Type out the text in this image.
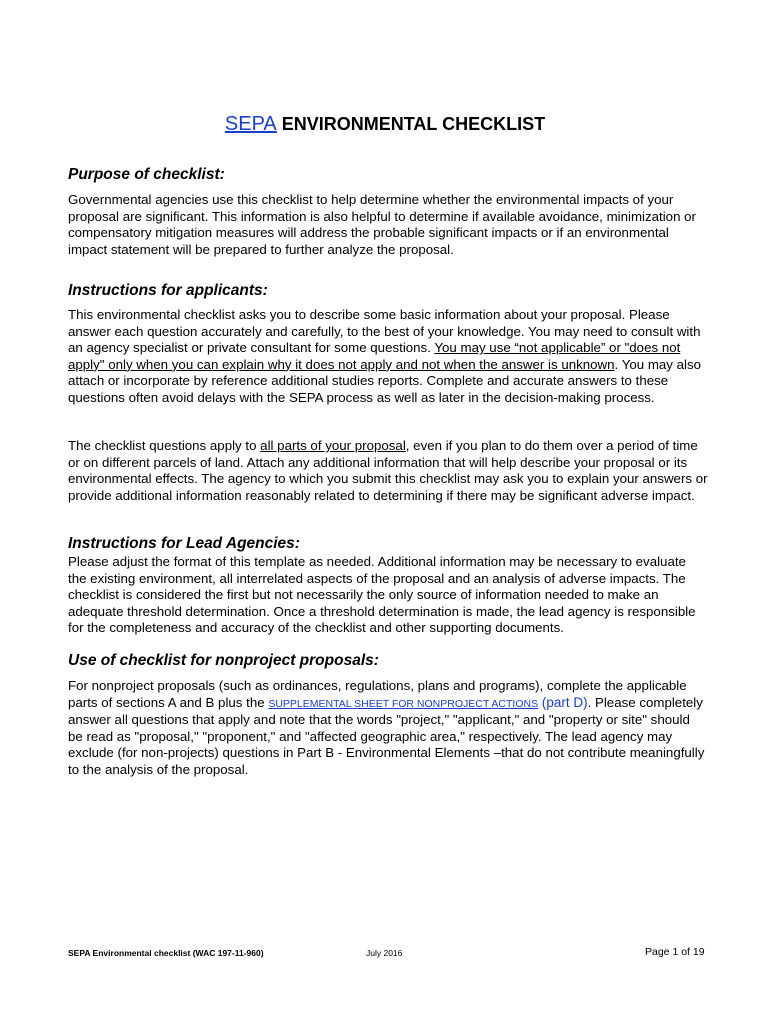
SEPA ENVIRONMENTAL CHECKLIST
Purpose of checklist:
Governmental agencies use this checklist to help determine whether the environmental impacts of your proposal are significant. This information is also helpful to determine if available avoidance, minimization or compensatory mitigation measures will address the probable significant impacts or if an environmental impact statement will be prepared to further analyze the proposal.
Instructions for applicants:
This environmental checklist asks you to describe some basic information about your proposal. Please answer each question accurately and carefully, to the best of your knowledge. You may need to consult with an agency specialist or private consultant for some questions. You may use “not applicable” or "does not apply" only when you can explain why it does not apply and not when the answer is unknown. You may also attach or incorporate by reference additional studies reports. Complete and accurate answers to these questions often avoid delays with the SEPA process as well as later in the decision-making process.
The checklist questions apply to all parts of your proposal, even if you plan to do them over a period of time or on different parcels of land. Attach any additional information that will help describe your proposal or its environmental effects. The agency to which you submit this checklist may ask you to explain your answers or provide additional information reasonably related to determining if there may be significant adverse impact.
Instructions for Lead Agencies:
Please adjust the format of this template as needed. Additional information may be necessary to evaluate the existing environment, all interrelated aspects of the proposal and an analysis of adverse impacts. The checklist is considered the first but not necessarily the only source of information needed to make an adequate threshold determination. Once a threshold determination is made, the lead agency is responsible for the completeness and accuracy of the checklist and other supporting documents.
Use of checklist for nonproject proposals:
For nonproject proposals (such as ordinances, regulations, plans and programs), complete the applicable parts of sections A and B plus the SUPPLEMENTAL SHEET FOR NONPROJECT ACTIONS (part D). Please completely answer all questions that apply and note that the words "project," "applicant," and "property or site" should be read as "proposal," "proponent," and "affected geographic area," respectively. The lead agency may exclude (for non-projects) questions in Part B - Environmental Elements –that do not contribute meaningfully to the analysis of the proposal.
SEPA Environmental checklist (WAC 197-11-960)	July 2016	Page 1 of 19
